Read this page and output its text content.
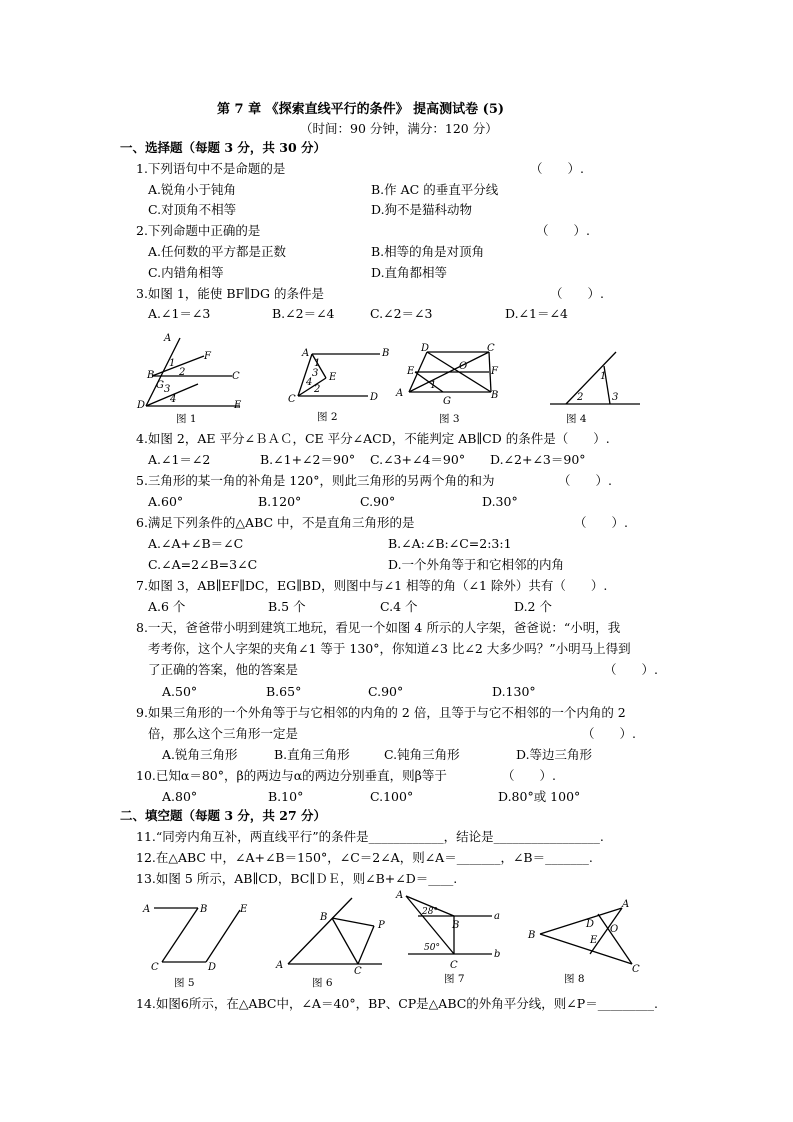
第 7 章 《探索直线平行的条件》 提高测试卷 (5)
（时间：90 分钟，满分：120 分）
一、选择题（每题 3 分，共 30 分）
1.下列语句中不是命题的是	（　　）.
A.锐角小于钝角	B.作 AC 的垂直平分线
C.对顶角不相等	D.狗不是猫科动物
2.下列命题中正确的是	（　　）.
A.任何数的平方都是正数	B.相等的角是对顶角
C.内错角相等	D.直角都相等
3.如图 1，能使 BF∥DG 的条件是	（　　）.
A.∠1＝∠3	B.∠2＝∠4	C.∠2＝∠3	D.∠1＝∠4
A
B
1
2
F
G 3
4
C
D	E
图 1
A	B
1
3
4
2
E
C	D
图 2
D	C
O
E	F
1
A
G
B
图 3
1
2	3
图 4
4.如图 2，AE 平分∠ＢＡＣ，CE 平分∠ACD，不能判定 AB∥CD 的条件是（　　）.
A.∠1＝∠2	B.∠1+∠2＝90° C.∠3+∠4＝90° D.∠2+∠3＝90°
5.三角形的某一角的补角是 120°，则此三角形的另两个角的和为	（　　）.
A.60°	B.120°	C.90°	D.30°
6.满足下列条件的△ABC 中，不是直角三角形的是	（　　）.
A.∠A+∠B＝∠C	B.∠A:∠B:∠C=2:3:1
C.∠A=2∠B=3∠C	D.一个外角等于和它相邻的内角
7.如图 3，AB∥EF∥DC，EG∥BD，则图中与∠1 相等的角（∠1 除外）共有（　　）.
A.6 个	B.5 个	C.4 个	D.2 个
8.一天，爸爸带小明到建筑工地玩，看见一个如图 4 所示的人字架，爸爸说：“小明，我
考考你，这个人字架的夹角∠1 等于 130°，你知道∠3 比∠2 大多少吗？”小明马上得到
了正确的答案，他的答案是	（　　）.
A.50°	B.65°	C.90°	D.130°
9.如果三角形的一个外角等于与它相邻的内角的 2 倍，且等于与它不相邻的一个内角的 2
倍，那么这个三角形一定是	（　　）.
A.锐角三角形	B.直角三角形	C.钝角三角形	D.等边三角形
10.已知α＝80°，β的两边与α的两边分别垂直，则β等于	（　　）.
A.80°	B.10°	C.100°	D.80°或 100°
二、填空题（每题 3 分，共 27 分）
11.“同旁内角互补，两直线平行”的条件是____________，结论是_________________.
12.在△ABC 中，∠A+∠B＝150°，∠C＝2∠A，则∠A＝_______，∠B＝_______.
13.如图 5 所示，AB∥CD，BC∥ＤＥ，则∠B+∠D＝____.
A	B	E
C	D
图 5
B
P
A
C
图 6
A
28°
B
a
50°
C
b
图 7
B
A
D O
E
C
图 8
14.如图6所示，在△ABC中，∠A＝40°，BP、CP是△ABC的外角平分线，则∠P＝_________.
